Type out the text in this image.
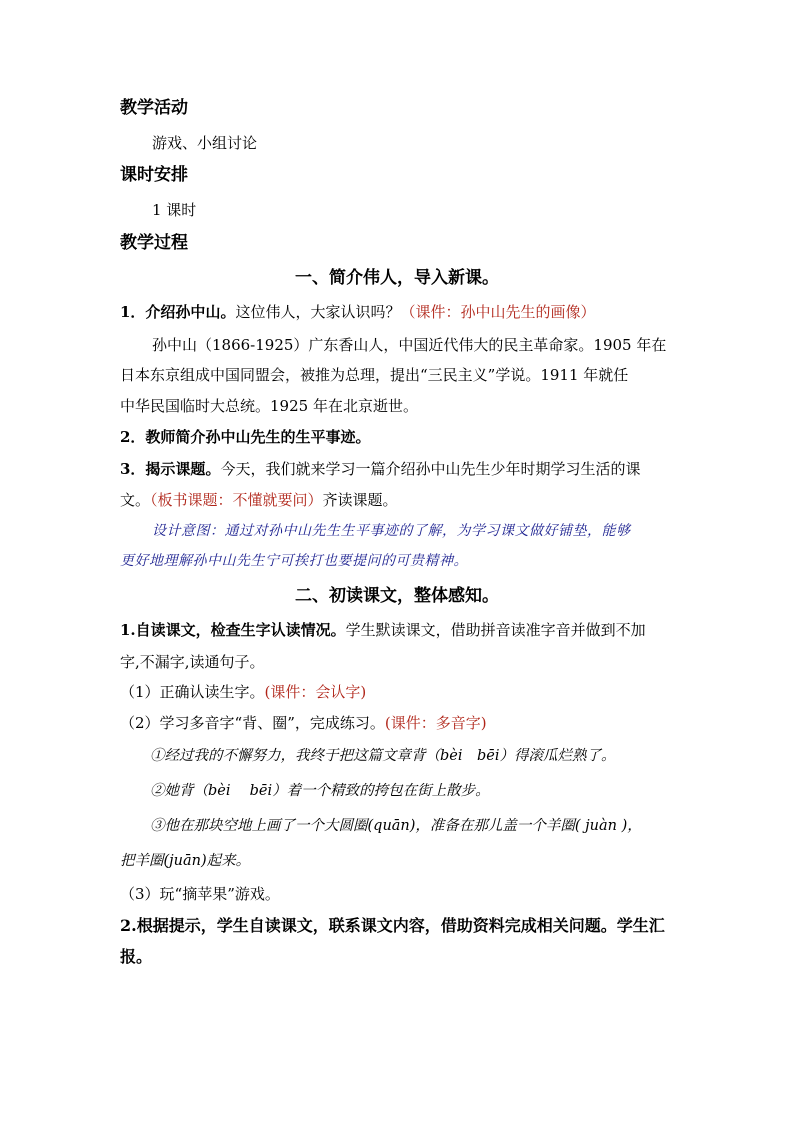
教学活动
游戏、小组讨论
课时安排
1 课时
教学过程
一、简介伟人，导入新课。
1．介绍孙中山。这位伟人，大家认识吗？（课件：孙中山先生的画像）
孙中山（1866-1925）广东香山人，中国近代伟大的民主革命家。1905 年在
日本东京组成中国同盟会，被推为总理，提出“三民主义”学说。1911 年就任
中华民国临时大总统。1925 年在北京逝世。
2．教师简介孙中山先生的生平事迹。
3．揭示课题。今天，我们就来学习一篇介绍孙中山先生少年时期学习生活的课
文。（板书课题：不懂就要问）齐读课题。
设计意图：通过对孙中山先生生平事迹的了解，为学习课文做好铺垫，能够
更好地理解孙中山先生宁可挨打也要提问的可贵精神。
二、初读课文，整体感知。
1.自读课文，检查生字认读情况。学生默读课文，借助拼音读准字音并做到不加
字,不漏字,读通句子。
（1）正确认读生字。(课件：会认字)
（2）学习多音字“背、圈”，完成练习。(课件：多音字)
①经过我的不懈努力，我终于把这篇文章背（bèi　bēi）得滚瓜烂熟了。
②她背（bèi　 bēi）着一个精致的挎包在街上散步。
③他在那块空地上画了一个大圆圈(quān)，准备在那儿盖一个羊圈( juàn )，
把羊圈(juān)起来。
（3）玩“摘苹果”游戏。
2.根据提示，学生自读课文，联系课文内容，借助资料完成相关问题。学生汇
报。
